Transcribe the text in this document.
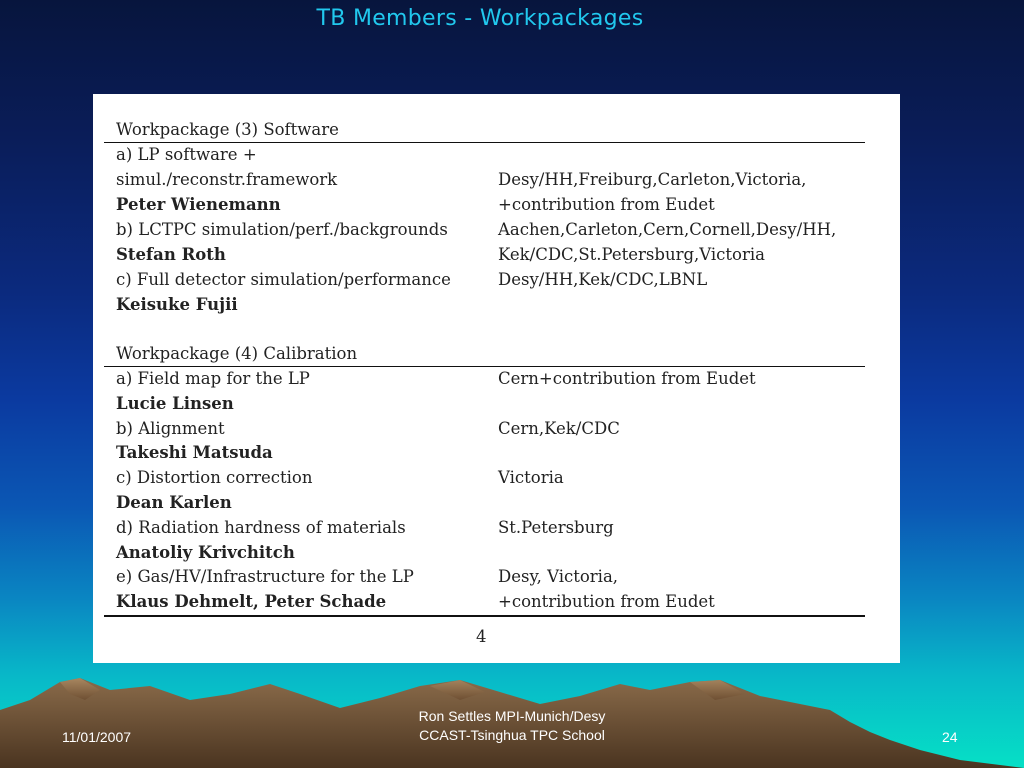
TB Members - Workpackages
Workpackage (3) Software
a) LP software +
simul./reconstr.framework	Desy/HH,Freiburg,Carleton,Victoria,
Peter Wienemann	+contribution from Eudet
b) LCTPC simulation/perf./backgrounds	Aachen,Carleton,Cern,Cornell,Desy/HH,
Stefan Roth	Kek/CDC,St.Petersburg,Victoria
c) Full detector simulation/performance	Desy/HH,Kek/CDC,LBNL
Keisuke Fujii
Workpackage (4) Calibration
a) Field map for the LP	Cern+contribution from Eudet
Lucie Linsen
b) Alignment	Cern,Kek/CDC
Takeshi Matsuda
c) Distortion correction	Victoria
Dean Karlen
d) Radiation hardness of materials	St.Petersburg
Anatoliy Krivchitch
e) Gas/HV/Infrastructure for the LP	Desy, Victoria,
Klaus Dehmelt, Peter Schade	+contribution from Eudet
4
11/01/2007
Ron Settles MPI-Munich/Desy
CCAST-Tsinghua TPC School	24
